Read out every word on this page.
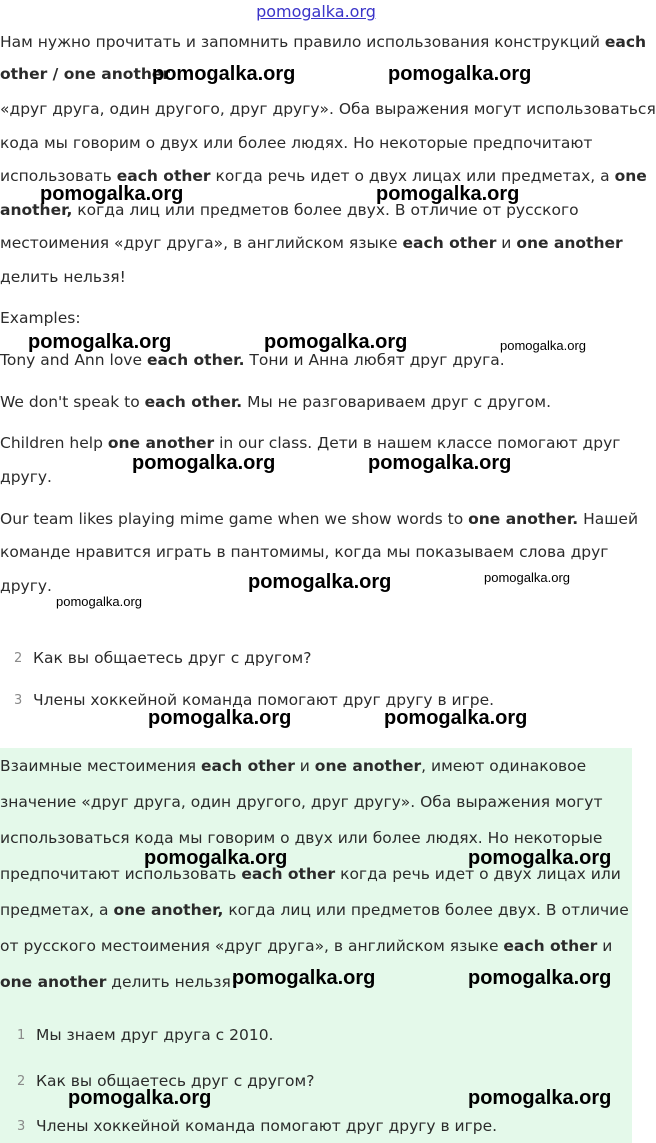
pomogalka.org
Нам нужно прочитать и запомнить правило использования конструкций each
other / one another
«друг друга, один другого, друг другу». Оба выражения могут использоваться
кода мы говорим о двух или более людях. Но некоторые предпочитают
использовать each other когда речь идет о двух лицах или предметах, а one
another, когда лиц или предметов более двух. В отличие от русского
местоимения «друг друга», в английском языке each other и one another
делить нельзя!
Examples:
Tony and Ann love each other. Тони и Анна любят друг друга.
We don't speak to each other. Мы не разговариваем друг с другом.
Children help one another in our class. Дети в нашем классе помогают друг
другу.
Our team likes playing mime game when we show words to one another. Нашей
команде нравится играть в пантомимы, когда мы показываем слова друг
другу.
2 Как вы общаетесь друг с другом?
3 Члены хоккейной команда помогают друг другу в игре.
Взаимные местоимения each other и one another, имеют одинаковое
значение «друг друга, один другого, друг другу». Оба выражения могут
использоваться кода мы говорим о двух или более людях. Но некоторые
предпочитают использовать each other когда речь идет о двух лицах или
предметах, а one another, когда лиц или предметов более двух. В отличие
от русского местоимения «друг друга», в английском языке each other и
one another делить нельзя!
1 Мы знаем друг друга с 2010.
2 Как вы общаетесь друг с другом?
3 Члены хоккейной команда помогают друг другу в игре.
pomogalka.org	pomogalka.org
pomogalka.org	pomogalka.org
pomogalka.org	pomogalka.org	pomogalka.org
pomogalka.org	pomogalka.org
pomogalka.org	pomogalka.org
pomogalka.org
pomogalka.org	pomogalka.org
pomogalka.org	pomogalka.org
pomogalka.org	pomogalka.org
pomogalka.org	pomogalka.org
